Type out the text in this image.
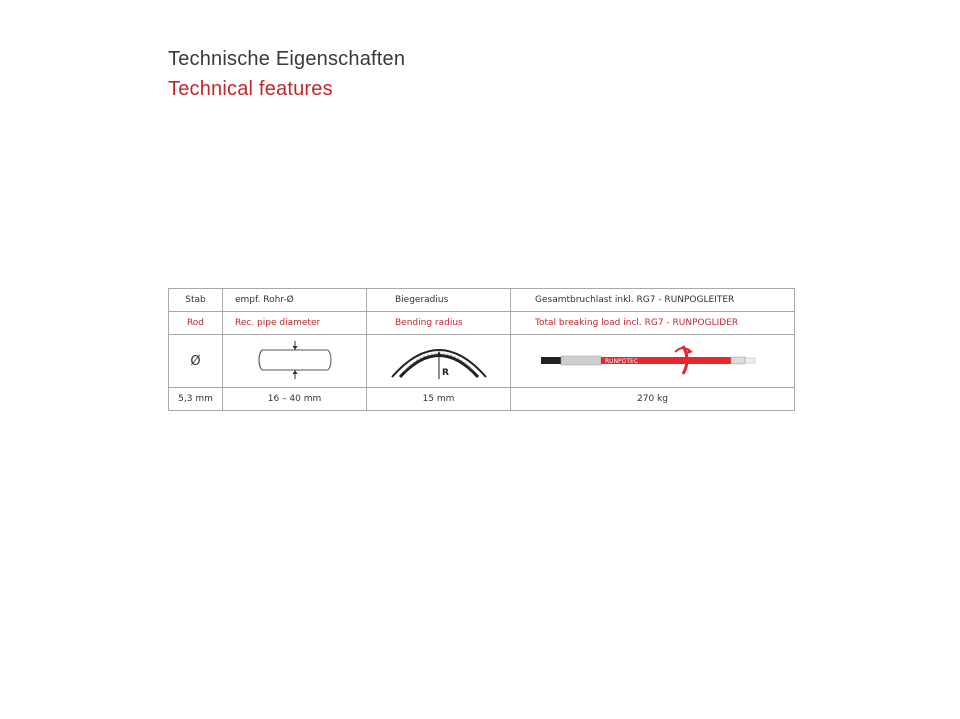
Technische Eigenschaften
Technical features
Stab	empf. Rohr-Ø	Biegeradius	Gesamtbruchlast inkl. RG7 - RUNPOGLEITER
Rod	Rec. pipe diameter	Bending radius	Total breaking load incl. RG7 - RUNPOGLIDER
Ø		R	RUNPOTEC

5,3 mm	16 – 40 mm	15 mm	270 kg
